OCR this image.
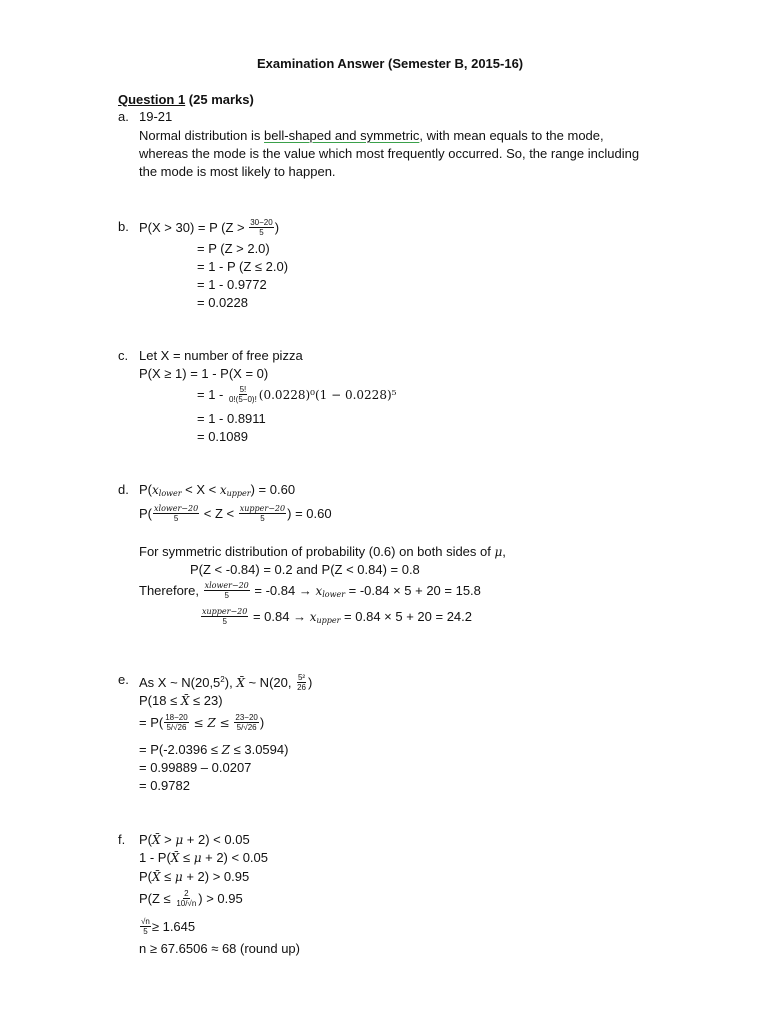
Examination Answer (Semester B, 2015-16)
Question 1 (25 marks)
a. 19-21
Normal distribution is bell-shaped and symmetric, with mean equals to the mode, whereas the mode is the value which most frequently occurred. So, the range including the mode is most likely to happen.
b. P(X > 30) = P ($Z > \frac{30-20}{5}$ )
= P (Z > 2.0)
= 1 - P (Z ≤ 2.0)
= 1 - 0.9772
= 0.0228
c. Let X = number of free pizza
P(X ≥ 1) = 1 - P(X = 0)
= $1 - \frac{5!}{0!(5-0)!} (0.0228)^0(1 - 0.0228)^5$
= 1 - 0.8911
= 0.1089
d. $P(x_{lower} < X < x_{upper}) = 0.60$
$P( \frac{\text{xlower−20}}{5} < Z < \frac{\text{xupper−20}}{5}$ ) = 0.60
For symmetric distribution of probability (0.6) on both sides of μ,
P(Z < -0.84) = 0.2 and P(Z < 0.84) = 0.8
Therefore, $\frac{\text{xlower−20}}{5} = -0.84 \to x_{lower} = -0.84 \times 5 + 20 = 15.8$
$\frac{\text{xupper−20}}{5} = 0.84 \to x_{upper} = 0.84 \times 5 + 20 = 24.2$
e. As X ~ N(20,5$^2$), X̄ ~ N(20, $\frac{\text{5²}}{26}$ )
P(18 ≤ X̄ ≤ 23)
= $P( \frac{18-20}{5/√26} \le Z \le \frac{23-20}{5/√26}$ )
= P(-2.0396 ≤ Z ≤ 3.0594)
= 0.99889 – 0.0207
= 0.9782
f. P(X̄ > μ + 2) < 0.05
1 - P(X̄ ≤ μ + 2) < 0.05
P(X̄ ≤ μ + 2) > 0.95
$P(Z \le \frac{2}{10/√n}$ ) > 0.95
$\frac{√n}{5} \ge 1.645$
n ≥ 67.6506 ≈ 68 (round up)
